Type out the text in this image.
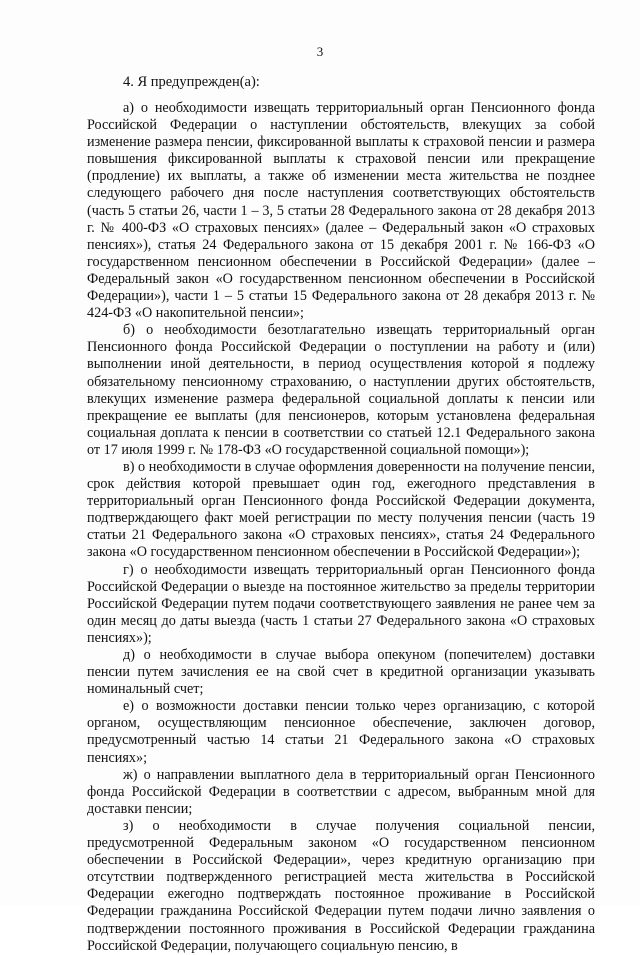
3
4. Я предупрежден(а):

а) о необходимости извещать территориальный орган Пенсионного фонда Российской Федерации о наступлении обстоятельств, влекущих за собой изменение размера пенсии, фиксированной выплаты к страховой пенсии и размера повышения фиксированной выплаты к страховой пенсии или прекращение (продление) их выплаты, а также об изменении места жительства не позднее следующего рабочего дня после наступления соответствующих обстоятельств (часть 5 статьи 26, части 1 – 3, 5 статьи 28 Федерального закона от 28 декабря 2013 г. № 400-ФЗ «О страховых пенсиях» (далее – Федеральный закон «О страховых пенсиях»), статья 24 Федерального закона от 15 декабря 2001 г. № 166-ФЗ «О государственном пенсионном обеспечении в Российской Федерации» (далее – Федеральный закон «О государственном пенсионном обеспечении в Российской Федерации»), части 1 – 5 статьи 15 Федерального закона от 28 декабря 2013 г. № 424-ФЗ «О накопительной пенсии»;

б) о необходимости безотлагательно извещать территориальный орган Пенсионного фонда Российской Федерации о поступлении на работу и (или) выполнении иной деятельности, в период осуществления которой я подлежу обязательному пенсионному страхованию, о наступлении других обстоятельств, влекущих изменение размера федеральной социальной доплаты к пенсии или прекращение ее выплаты (для пенсионеров, которым установлена федеральная социальная доплата к пенсии в соответствии со статьей 12.1 Федерального закона от 17 июля 1999 г. № 178-ФЗ «О государственной социальной помощи»);

в) о необходимости в случае оформления доверенности на получение пенсии, срок действия которой превышает один год, ежегодного представления в территориальный орган Пенсионного фонда Российской Федерации документа, подтверждающего факт моей регистрации по месту получения пенсии (часть 19 статьи 21 Федерального закона «О страховых пенсиях», статья 24 Федерального закона «О государственном пенсионном обеспечении в Российской Федерации»);

г) о необходимости извещать территориальный орган Пенсионного фонда Российской Федерации о выезде на постоянное жительство за пределы территории Российской Федерации путем подачи соответствующего заявления не ранее чем за один месяц до даты выезда (часть 1 статьи 27 Федерального закона «О страховых пенсиях»);

д) о необходимости в случае выбора опекуном (попечителем) доставки пенсии путем зачисления ее на свой счет в кредитной организации указывать номинальный счет;

е) о возможности доставки пенсии только через организацию, с которой органом, осуществляющим пенсионное обеспечение, заключен договор, предусмотренный частью 14 статьи 21 Федерального закона «О страховых пенсиях»;

ж) о направлении выплатного дела в территориальный орган Пенсионного фонда Российской Федерации в соответствии с адресом, выбранным мной для доставки пенсии;

з) о необходимости в случае получения социальной пенсии, предусмотренной Федеральным законом «О государственном пенсионном обеспечении в Российской Федерации», через кредитную организацию при отсутствии подтвержденного регистрацией места жительства в Российской Федерации ежегодно подтверждать постоянное проживание в Российской Федерации гражданина Российской Федерации путем подачи лично заявления о подтверждении постоянного проживания в Российской Федерации гражданина Российской Федерации, получающего социальную пенсию, в
